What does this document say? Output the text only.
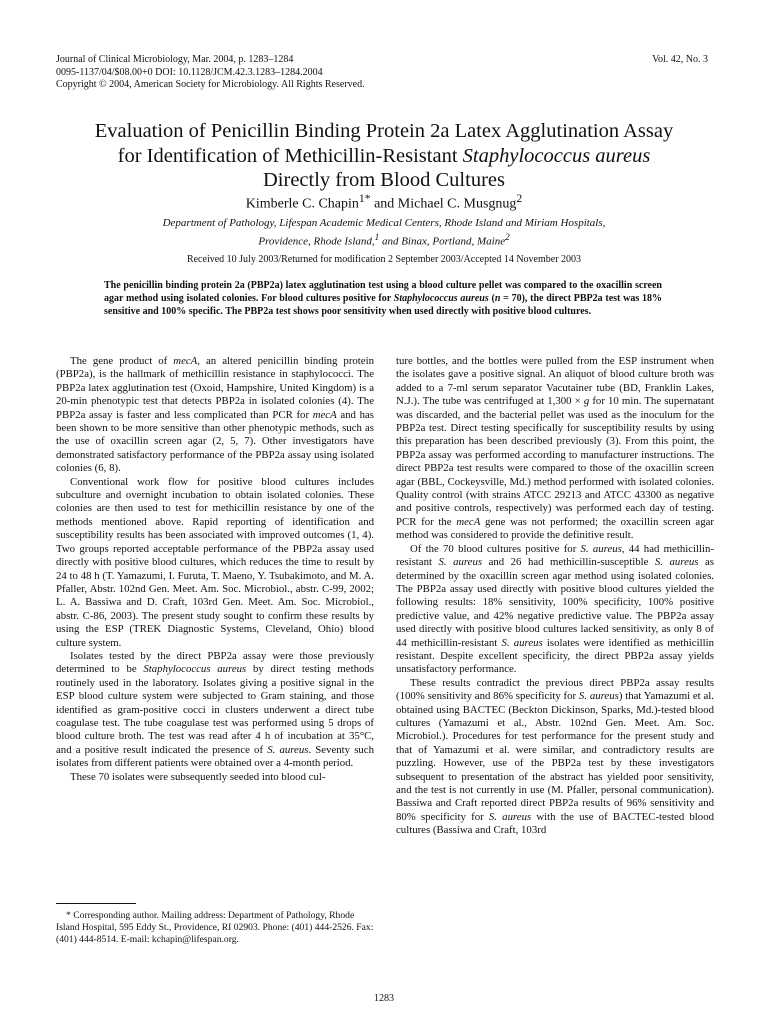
Journal of Clinical Microbiology, Mar. 2004, p. 1283–1284
0095-1137/04/$08.00+0 DOI: 10.1128/JCM.42.3.1283–1284.2004
Copyright © 2004, American Society for Microbiology. All Rights Reserved.
Vol. 42, No. 3
Evaluation of Penicillin Binding Protein 2a Latex Agglutination Assay
for Identification of Methicillin-Resistant Staphylococcus aureus
Directly from Blood Cultures
Kimberle C. Chapin$^{1*}$ and Michael C. Musgnug$^2$
Department of Pathology, Lifespan Academic Medical Centers, Rhode Island and Miriam Hospitals,
Providence, Rhode Island,$^1$ and Binax, Portland, Maine$^2$
Received 10 July 2003/Returned for modification 2 September 2003/Accepted 14 November 2003
The penicillin binding protein 2a (PBP2a) latex agglutination test using a blood culture pellet was compared to the oxacillin screen agar method using isolated colonies. For blood cultures positive for Staphylococcus aureus (n = 70), the direct PBP2a test was 18% sensitive and 100% specific. The PBP2a test shows poor sensitivity when used directly with positive blood cultures.

The gene product of mecA, an altered penicillin binding protein (PBP2a), is the hallmark of methicillin resistance in staphylococci. The PBP2a latex agglutination test (Oxoid, Hampshire, United Kingdom) is a 20-min phenotypic test that detects PBP2a in isolated colonies (4). The PBP2a assay is faster and less complicated than PCR for mecA and has been shown to be more sensitive than other phenotypic methods, such as the use of oxacillin screen agar (2, 5, 7). Other investigators have demonstrated satisfactory performance of the PBP2a assay using isolated colonies (6, 8).

Conventional work flow for positive blood cultures includes subculture and overnight incubation to obtain isolated colonies. These colonies are then used to test for methicillin resistance by one of the methods mentioned above. Rapid reporting of identification and susceptibility results has been associated with improved outcomes (1, 4). Two groups reported acceptable performance of the PBP2a assay used directly with positive blood cultures, which reduces the time to result by 24 to 48 h (T. Yamazumi, I. Furuta, T. Maeno, Y. Tsubakimoto, and M. A. Pfaller, Abstr. 102nd Gen. Meet. Am. Soc. Microbiol., abstr. C-99, 2002; L. A. Bassiwa and D. Craft, 103rd Gen. Meet. Am. Soc. Microbiol., abstr. C-86, 2003). The present study sought to confirm these results by using the ESP (TREK Diagnostic Systems, Cleveland, Ohio) blood culture system.

Isolates tested by the direct PBP2a assay were those previously determined to be Staphylococcus aureus by direct testing methods routinely used in the laboratory. Isolates giving a positive signal in the ESP blood culture system were subjected to Gram staining, and those identified as gram-positive cocci in clusters underwent a direct tube coagulase test. The tube coagulase test was performed using 5 drops of blood culture broth. The test was read after 4 h of incubation at 35°C, and a positive result indicated the presence of S. aureus. Seventy such isolates from different patients were obtained over a 4-month period.

These 70 isolates were subsequently seeded into blood cul-

ture bottles, and the bottles were pulled from the ESP instrument when the isolates gave a positive signal. An aliquot of blood culture broth was added to a 7-ml serum separator Vacutainer tube (BD, Franklin Lakes, N.J.). The tube was centrifuged at 1,300 × g for 10 min. The supernatant was discarded, and the bacterial pellet was used as the inoculum for the PBP2a test. Direct testing specifically for susceptibility results by using this preparation has been described previously (3). From this point, the PBP2a assay was performed according to manufacturer instructions. The direct PBP2a test results were compared to those of the oxacillin screen agar (BBL, Cockeysville, Md.) method performed with isolated colonies. Quality control (with strains ATCC 29213 and ATCC 43300 as negative and positive controls, respectively) was performed each day of testing. PCR for the mecA gene was not performed; the oxacillin screen agar method was considered to provide the definitive result.

Of the 70 blood cultures positive for S. aureus, 44 had methicillin-resistant S. aureus and 26 had methicillin-susceptible S. aureus as determined by the oxacillin screen agar method using isolated colonies. The PBP2a assay used directly with positive blood cultures yielded the following results: 18% sensitivity, 100% specificity, 100% positive predictive value, and 42% negative predictive value. The PBP2a assay used directly with positive blood cultures lacked sensitivity, as only 8 of 44 methicillin-resistant S. aureus isolates were identified as methicillin resistant. Despite excellent specificity, the direct PBP2a assay yields unsatisfactory performance.

These results contradict the previous direct PBP2a assay results (100% sensitivity and 86% specificity for S. aureus) that Yamazumi et al. obtained using BACTEC (Beckton Dickinson, Sparks, Md.)-tested blood cultures (Yamazumi et al., Abstr. 102nd Gen. Meet. Am. Soc. Microbiol.). Procedures for test performance for the present study and that of Yamazumi et al. were similar, and contradictory results are puzzling. However, use of the PBP2a test by these investigators subsequent to presentation of the abstract has yielded poor sensitivity, and the test is not currently in use (M. Pfaller, personal communication). Bassiwa and Craft reported direct PBP2a results of 96% sensitivity and 80% specificity for S. aureus with the use of BACTEC-tested blood cultures (Bassiwa and Craft, 103rd

* Corresponding author. Mailing address: Department of Pathology, Rhode Island Hospital, 595 Eddy St., Providence, RI 02903. Phone: (401) 444-2526. Fax: (401) 444-8514. E-mail: kchapin@lifespan.org.

1283
